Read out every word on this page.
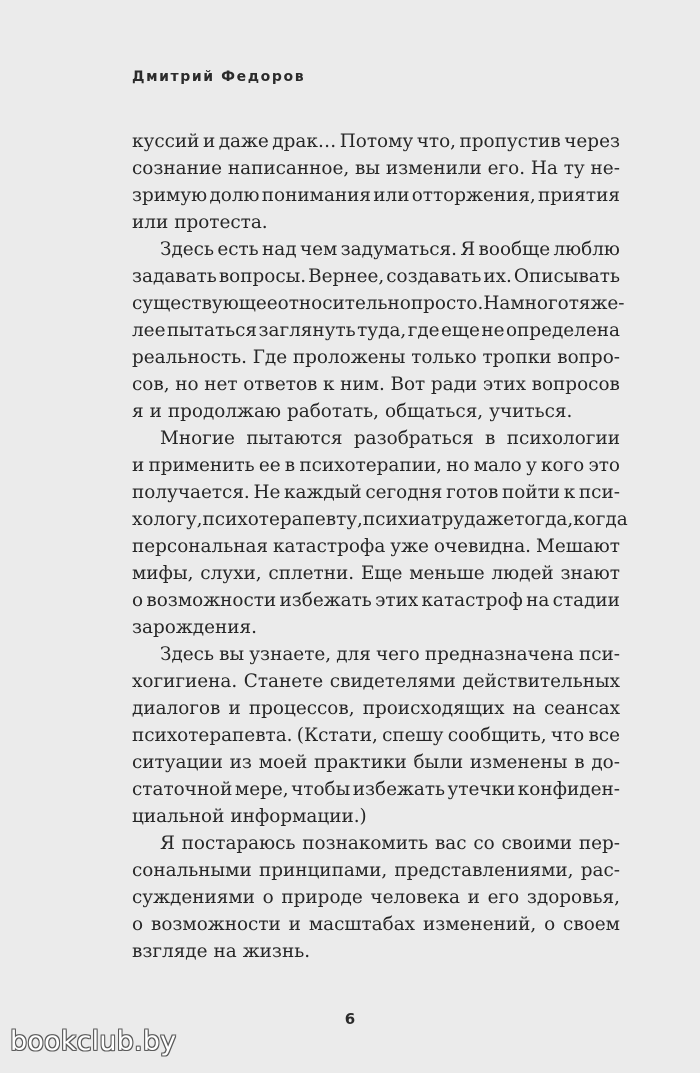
Дмитрий Федоров
куссий и даже драк… Потому что, пропустив через
сознание написанное, вы изменили его. На ту не-
зримую долю понимания или отторжения, приятия
или протеста.
Здесь есть над чем задуматься. Я вообще люблю
задавать вопросы. Вернее, создавать их. Описывать
существующее относительно просто. Намного тяже-
лее пытаться заглянуть туда, где еще не определена
реальность. Где проложены только тропки вопро-
сов, но нет ответов к ним. Вот ради этих вопросов
я и продолжаю работать, общаться, учиться.
Многие пытаются разобраться в психологии
и применить ее в психотерапии, но мало у кого это
получается. Не каждый сегодня готов пойти к пси-
хологу, психотерапевту, психиатру даже тогда, когда
персональная катастрофа уже очевидна. Мешают
мифы, слухи, сплетни. Еще меньше людей знают
о возможности избежать этих катастроф на стадии
зарождения.
Здесь вы узнаете, для чего предназначена пси-
хогигиена. Станете свидетелями действительных
диалогов и процессов, происходящих на сеансах
психотерапевта. (Кстати, спешу сообщить, что все
ситуации из моей практики были изменены в до-
статочной мере, чтобы избежать утечки конфиден-
циальной информации.)
Я постараюсь познакомить вас со своими пер-
сональными принципами, представлениями, рас-
суждениями о природе человека и его здоровья,
о возможности и масштабах изменений, о своем
взгляде на жизнь.
6
bookclub.by
